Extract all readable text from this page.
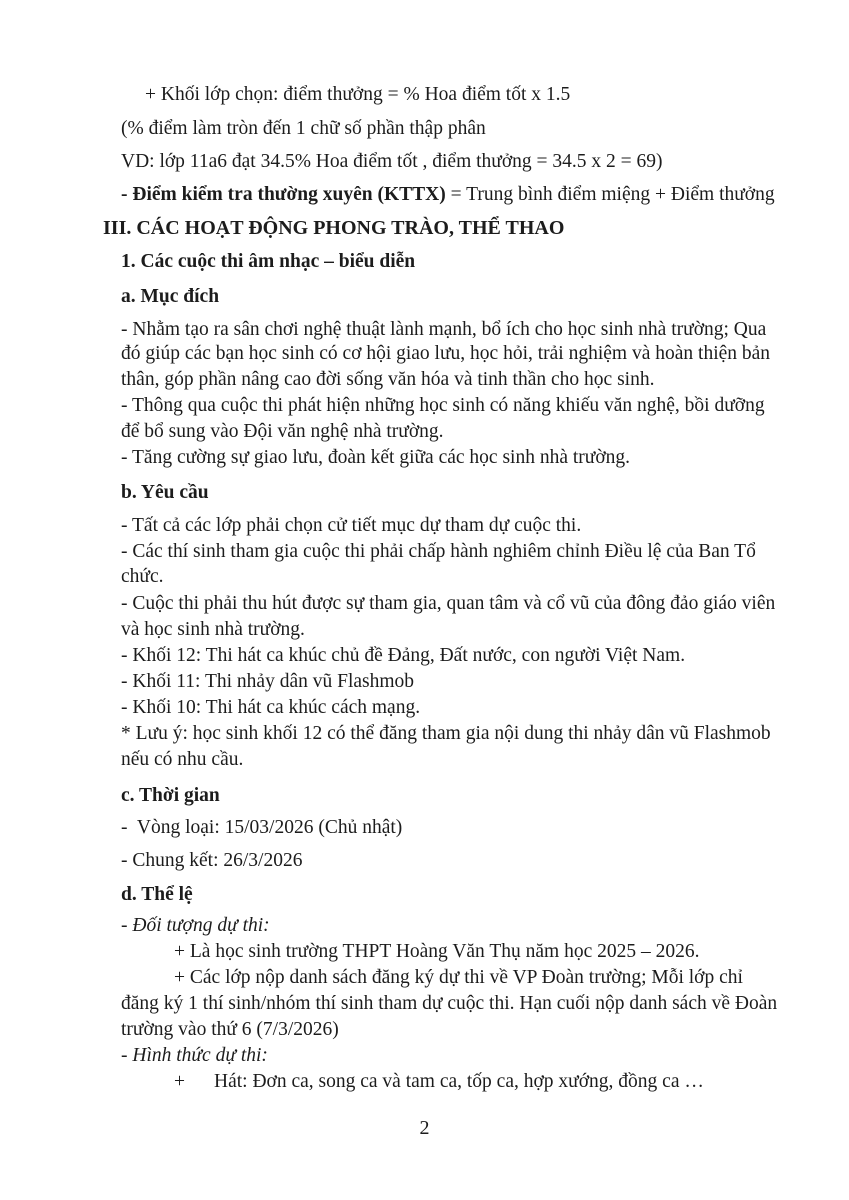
+ Khối lớp chọn: điểm thưởng = % Hoa điểm tốt x 1.5
(% điểm làm tròn đến 1 chữ số phần thập phân
VD: lớp 11a6 đạt 34.5% Hoa điểm tốt , điểm thưởng = 34.5 x 2 = 69)
- Điểm kiểm tra thường xuyên (KTTX) = Trung bình điểm miệng + Điểm thưởng
III. CÁC HOẠT ĐỘNG PHONG TRÀO, THỂ THAO
1. Các cuộc thi âm nhạc – biểu diễn
a. Mục đích
- Nhằm tạo ra sân chơi nghệ thuật lành mạnh, bổ ích cho học sinh nhà trường; Qua
đó giúp các bạn học sinh có cơ hội giao lưu, học hỏi, trải nghiệm và hoàn thiện bản
thân, góp phần nâng cao đời sống văn hóa và tinh thần cho học sinh.
- Thông qua cuộc thi phát hiện những học sinh có năng khiếu văn nghệ, bồi dưỡng
để bổ sung vào Đội văn nghệ nhà trường.
- Tăng cường sự giao lưu, đoàn kết giữa các học sinh nhà trường.
b. Yêu cầu
- Tất cả các lớp phải chọn cử tiết mục dự tham dự cuộc thi.
- Các thí sinh tham gia cuộc thi phải chấp hành nghiêm chỉnh Điều lệ của Ban Tổ
chức.
- Cuộc thi phải thu hút được sự tham gia, quan tâm và cổ vũ của đông đảo giáo viên
và học sinh nhà trường.
- Khối 12: Thi hát ca khúc chủ đề Đảng, Đất nước, con người Việt Nam.
- Khối 11: Thi nhảy dân vũ Flashmob
- Khối 10: Thi hát ca khúc cách mạng.
* Lưu ý: học sinh khối 12 có thể đăng tham gia nội dung thi nhảy dân vũ Flashmob
nếu có nhu cầu.
c. Thời gian
-  Vòng loại: 15/03/2026 (Chủ nhật)
- Chung kết: 26/3/2026
d. Thể lệ
- Đối tượng dự thi:
+ Là học sinh trường THPT Hoàng Văn Thụ năm học 2025 – 2026.
+ Các lớp nộp danh sách đăng ký dự thi về VP Đoàn trường; Mỗi lớp chỉ
đăng ký 1 thí sinh/nhóm thí sinh tham dự cuộc thi. Hạn cuối nộp danh sách về Đoàn
trường vào thứ 6 (7/3/2026)
- Hình thức dự thi:
+ Hát: Đơn ca, song ca và tam ca, tốp ca, hợp xướng, đồng ca …
2
